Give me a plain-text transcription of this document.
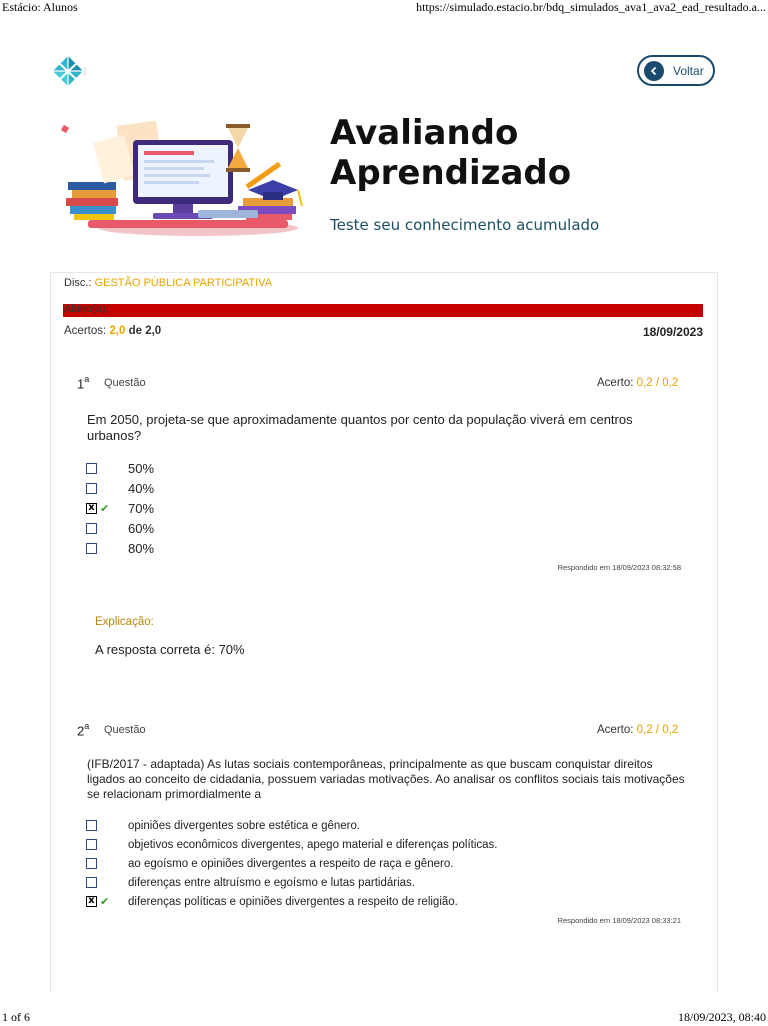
Estácio: Alunos	https://simulado.estacio.br/bdq_simulados_ava1_ava2_ead_resultado.a...
Voltar
Avaliando
Aprendizado
Teste seu conhecimento acumulado
Disc.: GESTÃO PÚBLICA PARTICIPATIVA
Aluno(a):
Acertos: 2,0 de 2,0	18/09/2023
1$^a$ Questão	Acerto: 0,2 / 0,2
Em 2050, projeta-se que aproximadamente quantos por cento da população viverá em centros urbanos?
50%
40%
x ✔ 70%
60%
80%
Respondido em 18/09/2023 08:32:58
Explicação:
A resposta correta é: 70%
2$^a$ Questão	Acerto: 0,2 / 0,2
(IFB/2017 - adaptada) As lutas sociais contemporâneas, principalmente as que buscam conquistar direitos ligados ao conceito de cidadania, possuem variadas motivações. Ao analisar os conflitos sociais tais motivações se relacionam primordialmente a
opiniões divergentes sobre estética e gênero.
objetivos econômicos divergentes, apego material e diferenças políticas.
ao egoísmo e opiniões divergentes a respeito de raça e gênero.
diferenças entre altruísmo e egoísmo e lutas partidárias.
x ✔ diferenças políticas e opiniões divergentes a respeito de religião.
Respondido em 18/09/2023 08:33:21
1 of 6	18/09/2023, 08:40
